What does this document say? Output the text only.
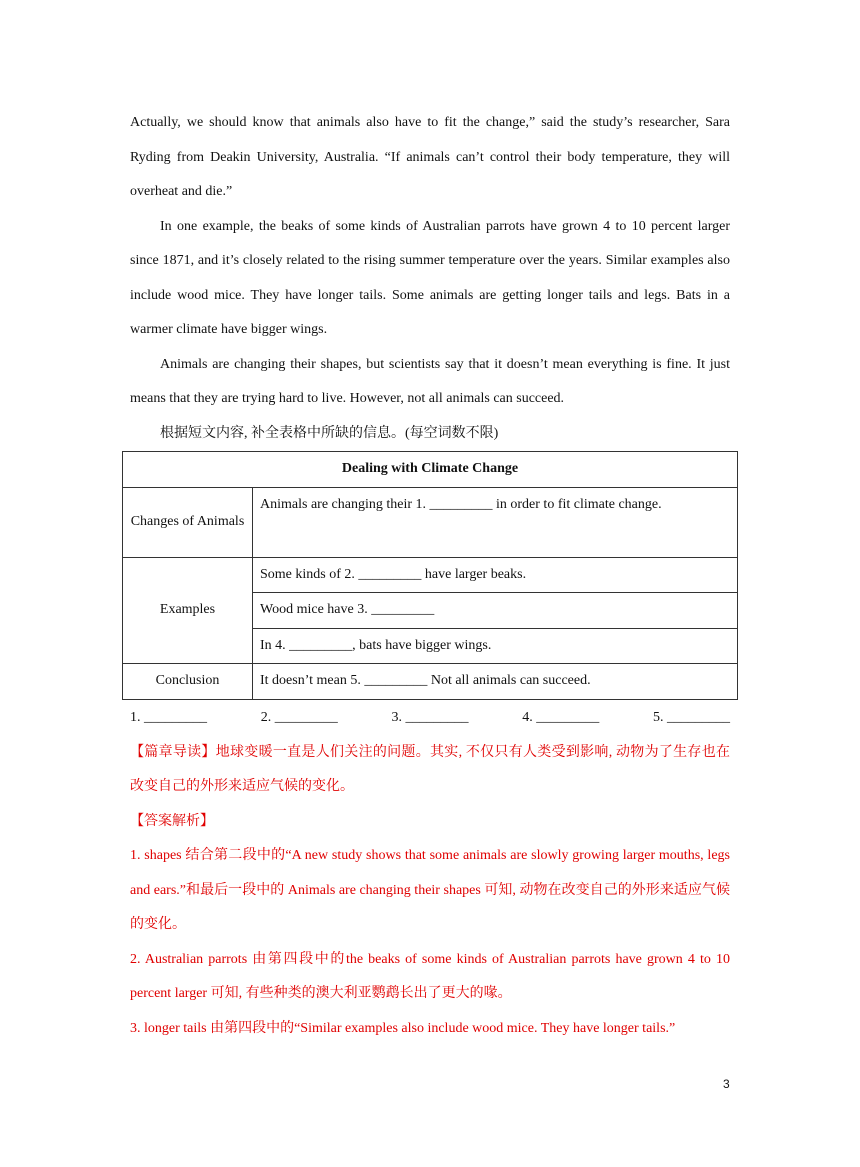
Actually, we should know that animals also have to fit the change,” said the study’s researcher, Sara Ryding from Deakin University, Australia. “If animals can’t control their body temperature, they will overheat and die.”

In one example, the beaks of some kinds of Australian parrots have grown 4 to 10 percent larger since 1871, and it’s closely related to the rising summer temperature over the years. Similar examples also include wood mice. They have longer tails. Some animals are getting longer tails and legs. Bats in a warmer climate have bigger wings.

Animals are changing their shapes, but scientists say that it doesn’t mean everything is fine. It just means that they are trying hard to live. However, not all animals can succeed.

根据短文内容, 补全表格中所缺的信息。(每空词数不限)

Dealing with Climate Change	
Changes of Animals	Animals are changing their 1. _________ in order to fit climate change.
Examples	Some kinds of 2. _________ have larger beaks.
	Wood mice have 3. _________
	In 4. _________, bats have bigger wings.
Conclusion	It doesn’t mean 5. _________ Not all animals can succeed.
1. _________	2. _________	3. _________	4. _________	5. _________

【篇章导读】地球变暖一直是人们关注的问题。其实, 不仅只有人类受到影响, 动物为了生存也在改变自己的外形来适应气候的变化。

【答案解析】

1. shapes 结合第二段中的“A new study shows that some animals are slowly growing larger mouths, legs and ears.”和最后一段中的 Animals are changing their shapes 可知, 动物在改变自己的外形来适应气候的变化。

2. Australian parrots 由第四段中的the beaks of some kinds of Australian parrots have grown 4 to 10 percent larger 可知, 有些种类的澳大利亚鹦鹉长出了更大的喙。

3. longer tails 由第四段中的“Similar examples also include wood mice. They have longer tails.”

3
